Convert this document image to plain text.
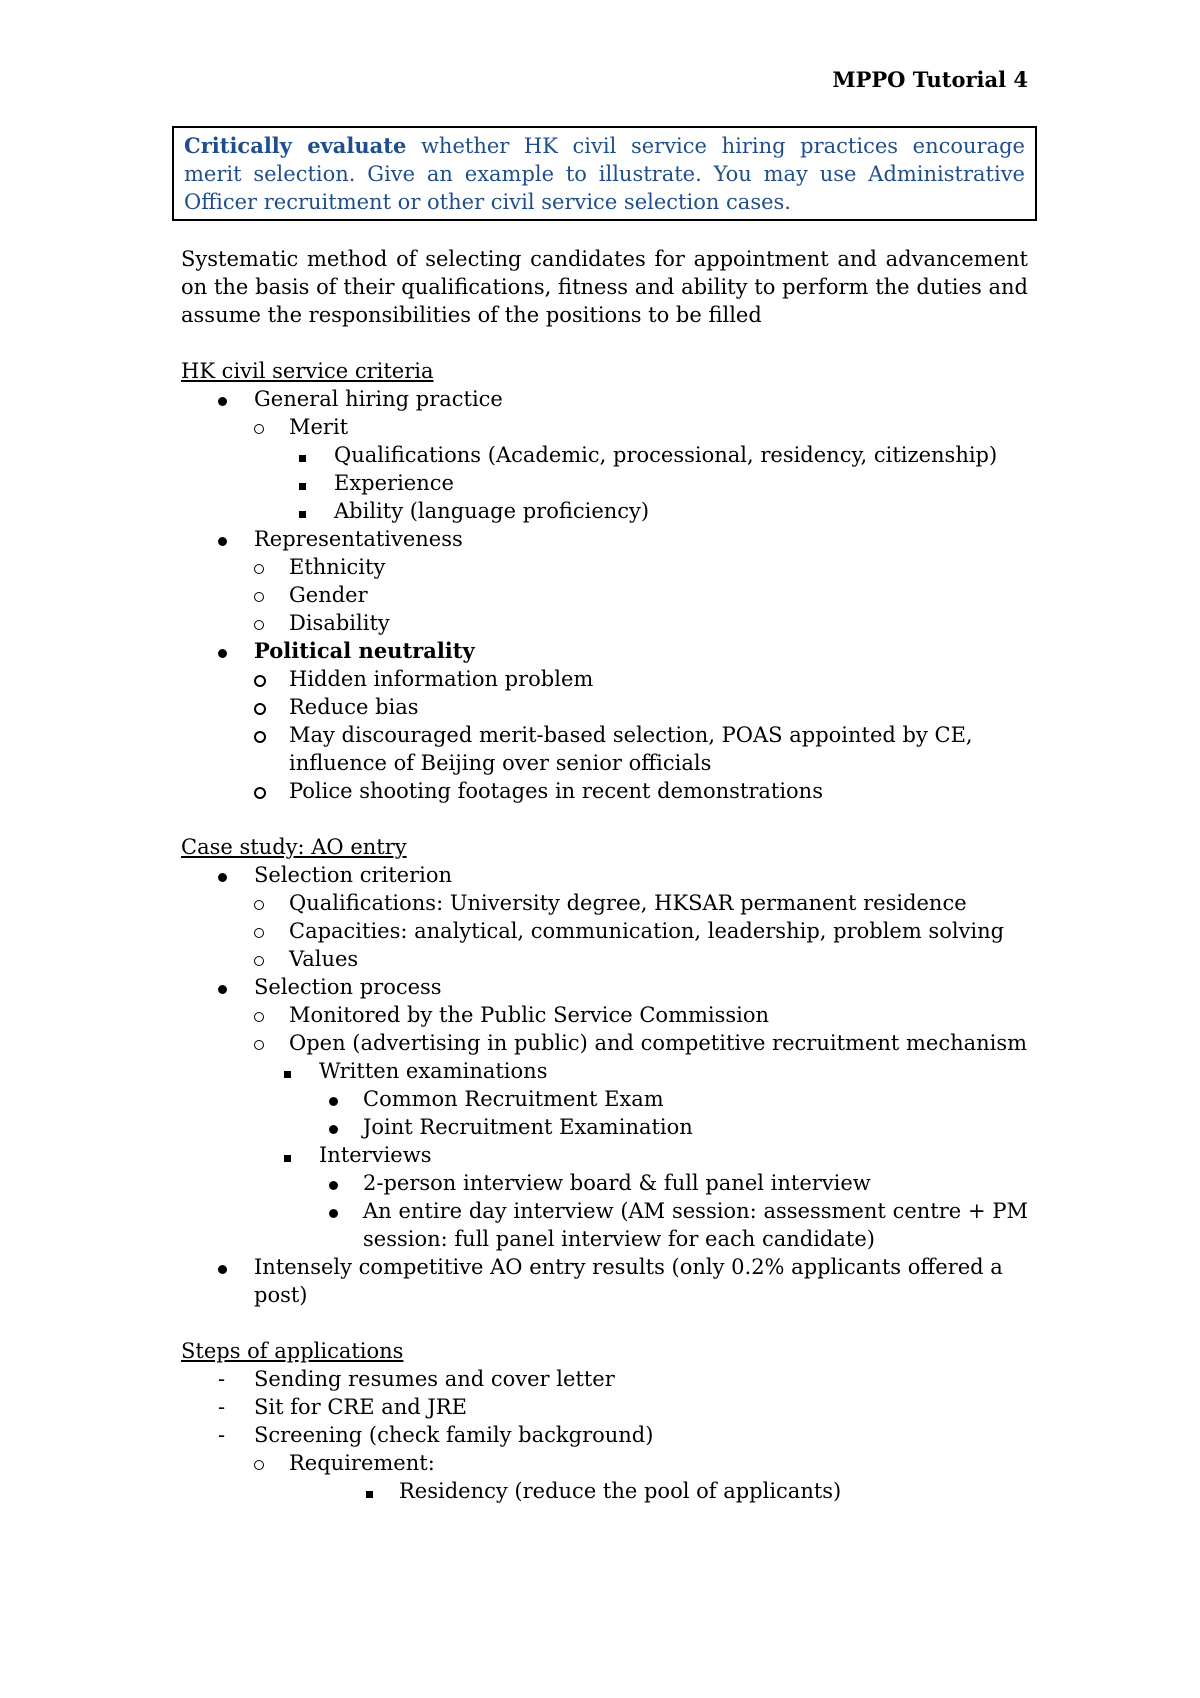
MPPO Tutorial 4
Critically evaluate whether HK civil service hiring practices encourage merit selection. Give an example to illustrate. You may use Administrative Officer recruitment or other civil service selection cases.
Systematic method of selecting candidates for appointment and advancement on the basis of their qualifications, fitness and ability to perform the duties and assume the responsibilities of the positions to be filled
HK civil service criteria
General hiring practice
Merit
Qualifications (Academic, processional, residency, citizenship)
Experience
Ability (language proficiency)
Representativeness
Ethnicity
Gender
Disability
Political neutrality
Hidden information problem
Reduce bias
May discouraged merit-based selection, POAS appointed by CE, influence of Beijing over senior officials
Police shooting footages in recent demonstrations
Case study: AO entry
Selection criterion
Qualifications: University degree, HKSAR permanent residence
Capacities: analytical, communication, leadership, problem solving
Values
Selection process
Monitored by the Public Service Commission
Open (advertising in public) and competitive recruitment mechanism
Written examinations
Common Recruitment Exam
Joint Recruitment Examination
Interviews
2-person interview board & full panel interview
An entire day interview (AM session: assessment centre + PM session: full panel interview for each candidate)
Intensely competitive AO entry results (only 0.2% applicants offered a post)
Steps of applications
- Sending resumes and cover letter
- Sit for CRE and JRE
- Screening (check family background)
Requirement:
Residency (reduce the pool of applicants)
